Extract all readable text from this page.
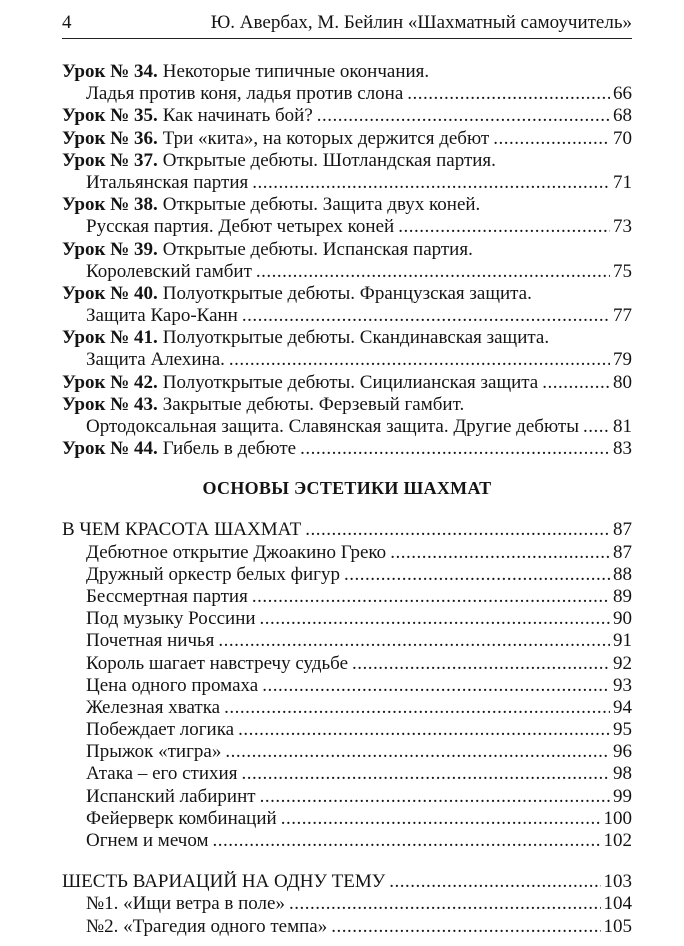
4	Ю. Авербах, М. Бейлин «Шахматный самоучитель»
Урок № 34. Некоторые типичные окончания.
Ладья против коня, ладья против слона .....	66
Урок № 35. Как начинать бой? .....	68
Урок № 36. Три «кита», на которых держится дебют .....	70
Урок № 37. Открытые дебюты. Шотландская партия.
Итальянская партия .....	71
Урок № 38. Открытые дебюты. Защита двух коней.
Русская партия. Дебют четырех коней .....	73
Урок № 39. Открытые дебюты. Испанская партия.
Королевский гамбит .....	75
Урок № 40. Полуоткрытые дебюты. Французская защита.
Защита Каро-Канн .....	77
Урок № 41. Полуоткрытые дебюты. Скандинавская защита.
Защита Алехина. .....	79
Урок № 42. Полуоткрытые дебюты. Сицилианская защита .....	80
Урок № 43. Закрытые дебюты. Ферзевый гамбит.
Ортодоксальная защита. Славянская защита. Другие дебюты ..... 81
Урок № 44. Гибель в дебюте .....	83
ОСНОВЫ ЭСТЕТИКИ ШАХМАТ
В ЧЕМ КРАСОТА ШАХМАТ .....	87
Дебютное открытие Джоакино Греко .....	87
Дружный оркестр белых фигур .....	88
Бессмертная партия .....	89
Под музыку Россини .....	90
Почетная ничья .....	91
Король шагает навстречу судьбе .....	92
Цена одного промаха .....	93
Железная хватка .....	94
Побеждает логика .....	95
Прыжок «тигра» .....	96
Атака – его стихия .....	98
Испанский лабиринт .....	99
Фейерверк комбинаций .....	100
Огнем и мечом .....	102
ШЕСТЬ ВАРИАЦИЙ НА ОДНУ ТЕМУ .....	103
№1. «Ищи ветра в поле» .....	104
№2. «Трагедия одного темпа» .....	105
